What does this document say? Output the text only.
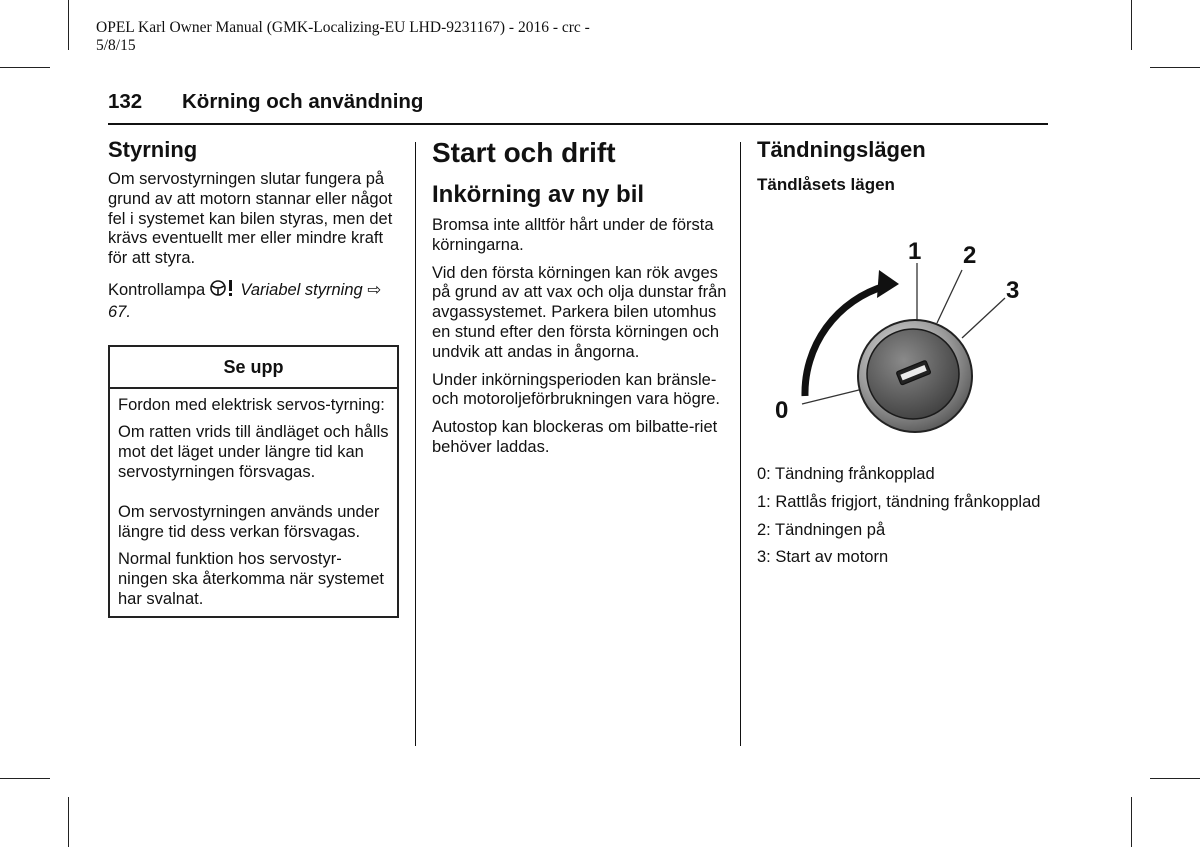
OPEL Karl Owner Manual (GMK-Localizing-EU LHD-9231167) - 2016 - crc -
5/8/15
132 Körning och användning
Styrning

Om servostyrningen slutar fungera på grund av att motorn stannar eller något fel i systemet kan bilen styras, men det krävs eventuellt mer eller mindre kraft för att styra.

Kontrollampa Variabel styrning ⇨ 67.

Se upp

Fordon med elektrisk servos-tyrning:

Om ratten vrids till ändläget och hålls mot det läget under längre tid kan servostyrningen försvagas.

Om servostyrningen används under längre tid dess verkan försvagas.

Normal funktion hos servostyr-ningen ska återkomma när systemet har svalnat.

Start och drift
Inkörning av ny bil

Bromsa inte alltför hårt under de första körningarna.

Vid den första körningen kan rök avges på grund av att vax och olja dunstar från avgassystemet. Parkera bilen utomhus en stund efter den första körningen och undvik att andas in ångorna.

Under inkörningsperioden kan bränsle- och motoroljeförbrukningen vara högre.

Autostop kan blockeras om bilbatte-riet behöver laddas.

Tändningslägen
Tändlåsets lägen
0
1 2
3

0: Tändning frånkopplad

1: Rattlås frigjort, tändning frånkopplad

2: Tändningen på

3: Start av motorn
